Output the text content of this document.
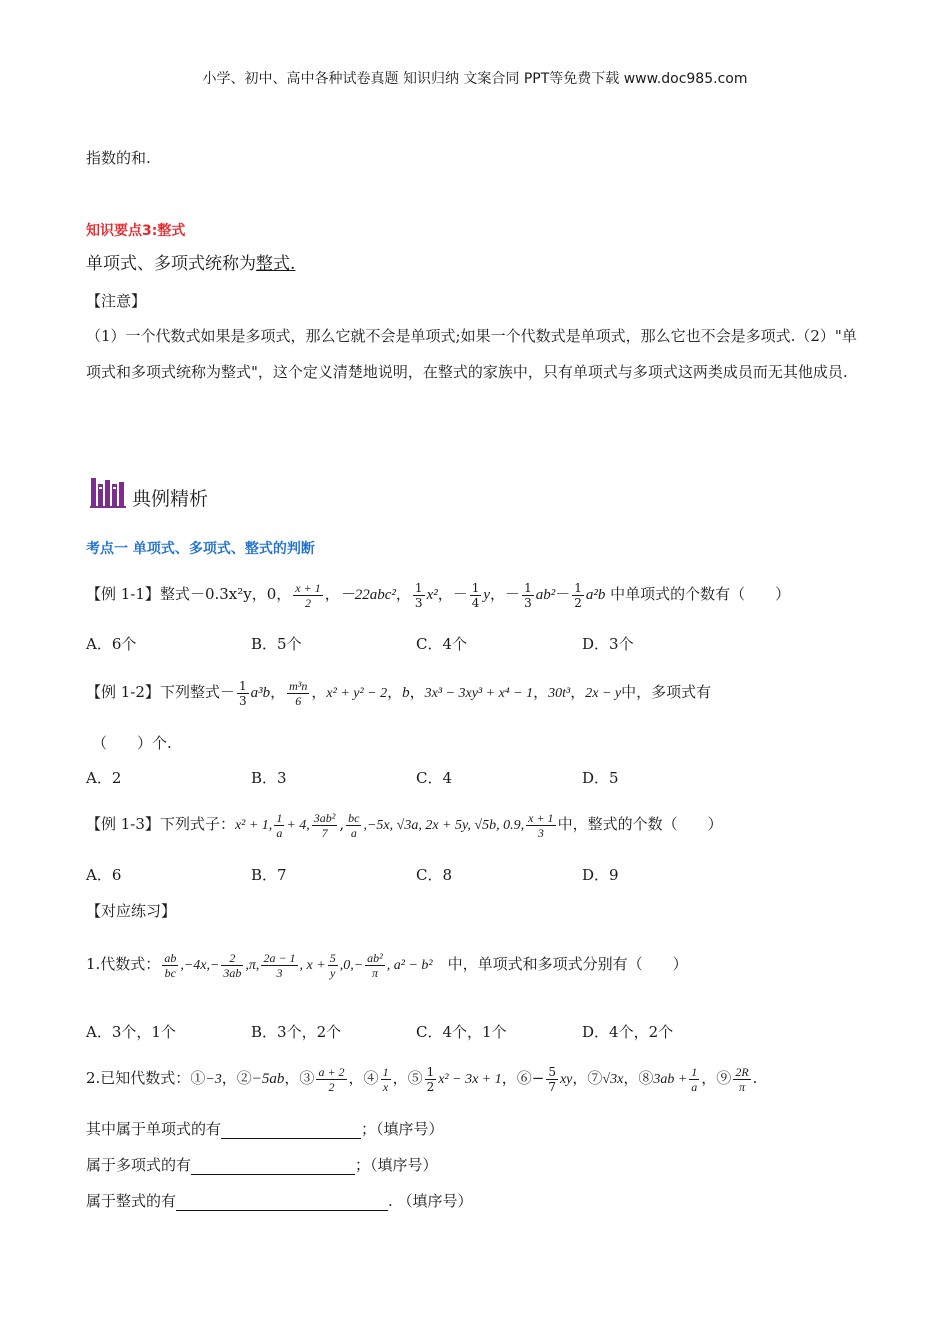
小学、初中、高中各种试卷真题 知识归纳 文案合同 PPT等免费下载 www.doc985.com
指数的和.
知识要点3:整式
单项式、多项式统称为整式.
【注意】
（1）一个代数式如果是多项式，那么它就不会是单项式;如果一个代数式是单项式，那么它也不会是多项式.（2）"单项式和多项式统称为整式"，这个定义清楚地说明，在整式的家族中，只有单项式与多项式这两类成员而无其他成员.
典例精析
考点一 单项式、多项式、整式的判断
【例 1-1】整式－0.3x²y，0， $\frac{x + 1}{2}$ ，－22abc²， $\frac{1}{3} x^2$，－ $\frac{1}{4}$ y，－ $\frac{1}{3} ab^2- \frac{1}{2} a^2b$ 中单项式的个数有（　　）
A．6个	B．5个	C．4个	D．3个
【例 1-2】下列整式－ $\frac{1}{3} a^3b$， $\frac{\text{m³n}}{6}$ ，x² + y² − 2，b，3x³ − 3xy³ + x⁴ − 1，30t³，2x − y中，多项式有
（　　）个.
A．2	B．3	C．4	D．5
【例 1-3】下列式子：x² + 1, $\frac{1}{a} + 4$, $\frac{\text{3ab²}}{7}$ , $\frac{bc}{a} ,-5x$, √3a, 2x + 5y, √5b, 0.9, $\frac{x + 1}{3}$ 中，整式的个数（　　）
A．6	B．7	C．8	D．9
【对应练习】
1.代数式： $\frac{ab}{bc} ,-4x,- \frac{2}{3ab} ,\pi$, $\frac{2a - 1}{3}$ , $x + \frac{5}{y} ,0,- \frac{\text{ab²}}{\pi}$ , a² − b²　 中，单项式和多项式分别有（　　）
A．3个，1个	B．3个，2个	C．4个，1个	D．4个，2个
2.已知代数式：①−3，②−5ab，③ $\frac{a + 2}{2}$ ，④ $\frac{1}{x}$ ，⑤ $\frac{1}{2} x^2 - 3x + 1$，⑥− $\frac{5}{7}$ xy，⑦√3x，⑧3ab + $\frac{1}{a}$ ，⑨ $\frac{2R}{\pi}$ .
其中属于单项式的有	；（填序号）
属于多项式的有	；（填序号）
属于整式的有	. （填序号）
